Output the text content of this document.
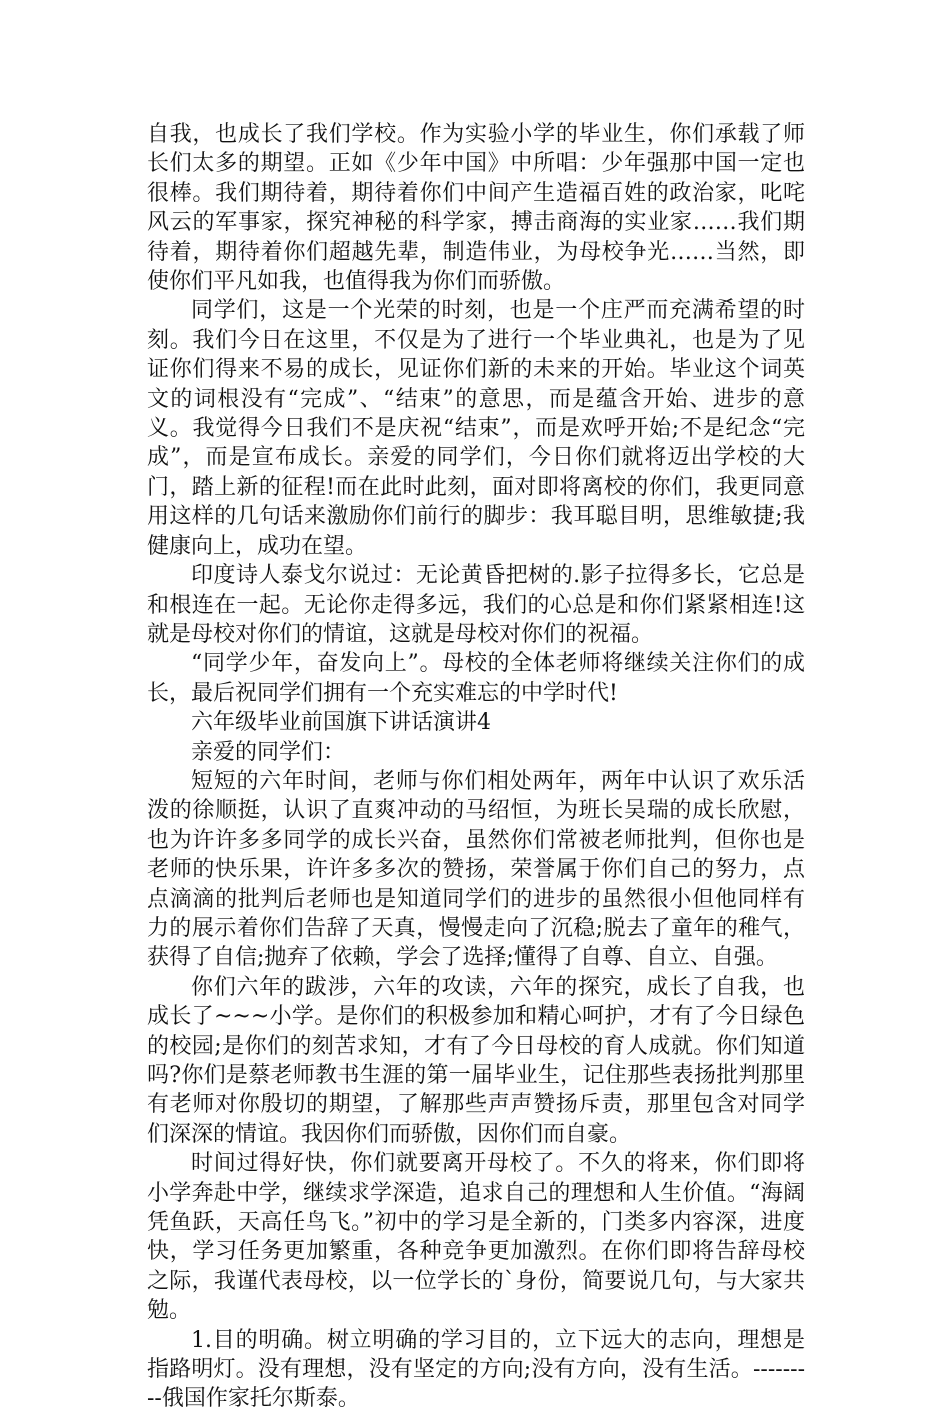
自我，也成长了我们学校。作为实验小学的毕业生，你们承载了师长们太多的期望。正如《少年中国》中所唱：少年强那中国一定也很棒。我们期待着，期待着你们中间产生造福百姓的政治家，叱咤风云的军事家，探究神秘的科学家，搏击商海的实业家……我们期待着，期待着你们超越先辈，制造伟业，为母校争光……当然，即使你们平凡如我，也值得我为你们而骄傲。

同学们，这是一个光荣的时刻，也是一个庄严而充满希望的时刻。我们今日在这里，不仅是为了进行一个毕业典礼，也是为了见证你们得来不易的成长，见证你们新的未来的开始。毕业这个词英文的词根没有“完成”、“结束”的意思，而是蕴含开始、进步的意义。我觉得今日我们不是庆祝“结束”，而是欢呼开始;不是纪念“完成”，而是宣布成长。亲爱的同学们，今日你们就将迈出学校的大门，踏上新的征程!而在此时此刻，面对即将离校的你们，我更同意用这样的几句话来激励你们前行的脚步：我耳聪目明，思维敏捷;我健康向上，成功在望。

印度诗人泰戈尔说过：无论黄昏把树的.影子拉得多长，它总是和根连在一起。无论你走得多远，我们的心总是和你们紧紧相连!这就是母校对你们的情谊，这就是母校对你们的祝福。

“同学少年，奋发向上”。母校的全体老师将继续关注你们的成长，最后祝同学们拥有一个充实难忘的中学时代!

六年级毕业前国旗下讲话演讲4

亲爱的同学们：

短短的六年时间，老师与你们相处两年，两年中认识了欢乐活泼的徐顺挺，认识了直爽冲动的马绍恒，为班长吴瑞的成长欣慰，也为许许多多同学的成长兴奋，虽然你们常被老师批判，但你也是老师的快乐果，许许多多次的赞扬，荣誉属于你们自己的努力，点点滴滴的批判后老师也是知道同学们的进步的虽然很小但他同样有力的展示着你们告辞了天真，慢慢走向了沉稳;脱去了童年的稚气，获得了自信;抛弃了依赖，学会了选择;懂得了自尊、自立、自强。

你们六年的跋涉，六年的攻读，六年的探究，成长了自我，也成长了~~~小学。是你们的积极参加和精心呵护，才有了今日绿色的校园;是你们的刻苦求知，才有了今日母校的育人成就。你们知道吗?你们是蔡老师教书生涯的第一届毕业生，记住那些表扬批判那里有老师对你殷切的期望，了解那些声声赞扬斥责，那里包含对同学们深深的情谊。我因你们而骄傲，因你们而自豪。

时间过得好快，你们就要离开母校了。不久的将来，你们即将小学奔赴中学，继续求学深造，追求自己的理想和人生价值。“海阔凭鱼跃，天高任鸟飞。”初中的学习是全新的，门类多内容深，进度快，学习任务更加繁重，各种竞争更加激烈。在你们即将告辞母校之际，我谨代表母校，以一位学长的`身份，简要说几句，与大家共勉。

1.目的明确。树立明确的学习目的，立下远大的志向，理想是指路明灯。没有理想，没有坚定的方向;没有方向，没有生活。---------俄国作家托尔斯泰。
